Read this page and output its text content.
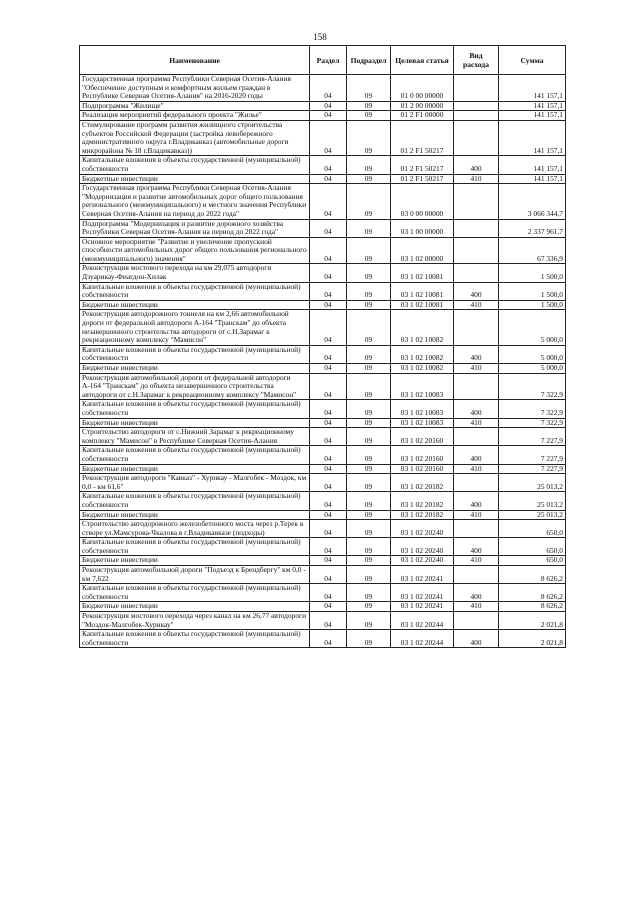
158
Наименование	Раздел	Подраздел	Целевая статья	Вид расхода	Сумма
Государственная программа Республики Северная Осетия-Алания "Обеспечение доступным и комфортным жильем граждан в Республике Северная Осетия-Алания" на 2016-2020 годы	04	09	01 0 00 00000		141 157,1
Подпрограмма "Жилище"	04	09	01 2 00 00000		141 157,1
Реализация мероприятий федерального проекта "Жилье"	04	09	01 2 F1 00000		141 157,1
Стимулирование программ развития жилищного строительства субъектов Российской Федерации (застройка левобережного административного округа г.Владикавказ (автомобильные дороги микрорайона № 18 г.Владикавказ))	04	09	01 2 F1 50217		141 157,1
Капитальные вложения в объекты государственной (муниципальной) собственности	04	09	01 2 F1 50217	400	141 157,1
Бюджетные инвестиции	04	09	01 2 F1 50217	410	141 157,1
Государственная программа Республики Северная Осетия-Алания "Модернизация и развитие автомобильных дорог общего пользования регионального (межмуниципального) и местного значения Республики Северная Осетия-Алания на период до 2022 года"	04	09	03 0 00 00000		3 066 344,7
Подпрограмма "Модернизация и развитие дорожного хозяйства Республики Северная Осетия-Алания на период до 2022 года"	04	09	03 1 00 00000		2 337 961,7
Основное мероприятие "Развитие и увеличение пропускной способности автомобильных дорог общего пользования регионального (межмуниципального) значения"	04	09	03 1 02 00000		67 336,9
Реконструкция мостового перехода на км 29,075 автодороги Дзуарикау-Фиагдон-Хилак	04	09	03 1 02 10081		1 500,0
Капитальные вложения в объекты государственной (муниципальной) собственности	04	09	03 1 02 10081	400	1 500,0
Бюджетные инвестиции	04	09	03 1 02 10081	410	1 500,0
Реконструкция автодорожного тоннеля на км 2,66 автомобильной дороги от федеральной автодороги А-164 "Транскам" до объекта незавершенного строительства автодороги от с.Н.Зарамаг к рекреационному комплексу "Мамисон"	04	09	03 1 02 10082		5 000,0
Капитальные вложения в объекты государственной (муниципальной) собственности	04	09	03 1 02 10082	400	5 000,0
Бюджетные инвестиции	04	09	03 1 02 10082	410	5 000,0
Реконструкция автомобильной дороги от федеральной автодороги А-164 "Транскам" до объекта незавершенного строительства автодороги от с.Н.Зарамаг к рекреационному комплексу "Мамисон"	04	09	03 1 02 10083		7 322,9
Капитальные вложения в объекты государственной (муниципальной) собственности	04	09	03 1 02 10083	400	7 322,9
Бюджетные инвестиции	04	09	03 1 02 10083	410	7 322,9
Строительство автодороги от с.Нижний Зарамаг к рекреационному комплексу "Мамисон" в Республике Северная Осетия-Алания	04	09	03 1 02 20160		7 227,9
Капитальные вложения в объекты государственной (муниципальной) собственности	04	09	03 1 02 20160	400	7 227,9
Бюджетные инвестиции	04	09	03 1 02 20160	410	7 227,9
Реконструкция автодороги "Кавказ" - Хурикау - Малгобек - Моздок, км 0,0 - км 61,6"	04	09	03 1 02 20182		25 013,2
Капитальные вложения в объекты государственной (муниципальной) собственности	04	09	03 1 02 20182	400	25 013,2
Бюджетные инвестиции	04	09	03 1 02 20182	410	25 013,2
Строительство автодорожного железобетонного моста через р.Терек в створе ул.Мамсурова-Чкалова в г.Владикавказе (подходы)	04	09	03 1 02 20240		650,0
Капитальные вложения в объекты государственной (муниципальной) собственности	04	09	03 1 02 20240	400	650,0
Бюджетные инвестиции	04	09	03 1 02 20240	410	650,0
Реконструкция автомобильной дороги "Подъезд к Брендбергу" км 0,0 - км 7,622	04	09	03 1 02 20241		8 626,2
Капитальные вложения в объекты государственной (муниципальной) собственности	04	09	03 1 02 20241	400	8 626,2
Бюджетные инвестиции	04	09	03 1 02 20241	410	8 626,2
Реконструкция мостового перехода через канал на км 26,77 автодороги "Моздок-Малгобек-Хурикау"	04	09	03 1 02 20244		2 021,8
Капитальные вложения в объекты государственной (муниципальной) собственности	04	09	03 1 02 20244	400	2 021,8
